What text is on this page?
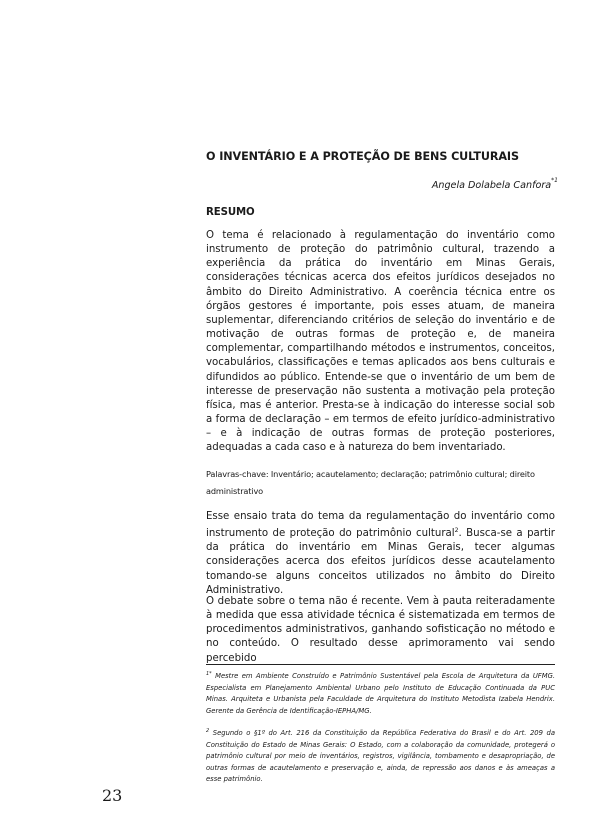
O INVENTÁRIO E A PROTEÇÃO DE BENS CULTURAIS
Angela Dolabela Canfora$^{*1}$
RESUMO

O tema é relacionado à regulamentação do inventário como instrumento de proteção do patrimônio cultural, trazendo a experiência da prática do inventário em Minas Gerais, considerações técnicas acerca dos efeitos jurídicos desejados no âmbito do Direito Administrativo. A coerência técnica entre os órgãos gestores é importante, pois esses atuam, de maneira suplementar, diferenciando critérios de seleção do inventário e de motivação de outras formas de proteção e, de maneira complementar, compartilhando métodos e instrumentos, conceitos, vocabulários, classificações e temas aplicados aos bens culturais e difundidos ao público. Entende-se que o inventário de um bem de interesse de preservação não sustenta a motivação pela proteção física, mas é anterior. Presta-se à indicação do interesse social sob a forma de declaração – em termos de efeito jurídico-administrativo – e à indicação de outras formas de proteção posteriores, adequadas a cada caso e à natureza do bem inventariado.

Palavras-chave: Inventário; acautelamento; declaração; patrimônio cultural; direito administrativo

Esse ensaio trata do tema da regulamentação do inventário como instrumento de proteção do patrimônio cultural$^2$. Busca-se a partir da prática do inventário em Minas Gerais, tecer algumas considerações acerca dos efeitos jurídicos desse acautelamento tomando-se alguns conceitos utilizados no âmbito do Direito Administrativo.

O debate sobre o tema não é recente. Vem à pauta reiteradamente à medida que essa atividade técnica é sistematizada em termos de procedimentos administrativos, ganhando sofisticação no método e no conteúdo. O resultado desse aprimoramento vai sendo percebido

$^{1*}$ Mestre em Ambiente Construído e Patrimônio Sustentável pela Escola de Arquitetura da UFMG. Especialista em Planejamento Ambiental Urbano pelo Instituto de Educação Continuada da PUC Minas. Arquiteta e Urbanista pela Faculdade de Arquitetura do Instituto Metodista Izabela Hendrix. Gerente da Gerência de Identificação-IEPHA/MG.

$^2$ Segundo o §1º do Art. 216 da Constituição da República Federativa do Brasil e do Art. 209 da Constituição do Estado de Minas Gerais: O Estado, com a colaboração da comunidade, protegerá o patrimônio cultural por meio de inventários, registros, vigilância, tombamento e desapropriação, de outras formas de acautelamento e preservação e, ainda, de repressão aos danos e às ameaças a esse patrimônio.

23
